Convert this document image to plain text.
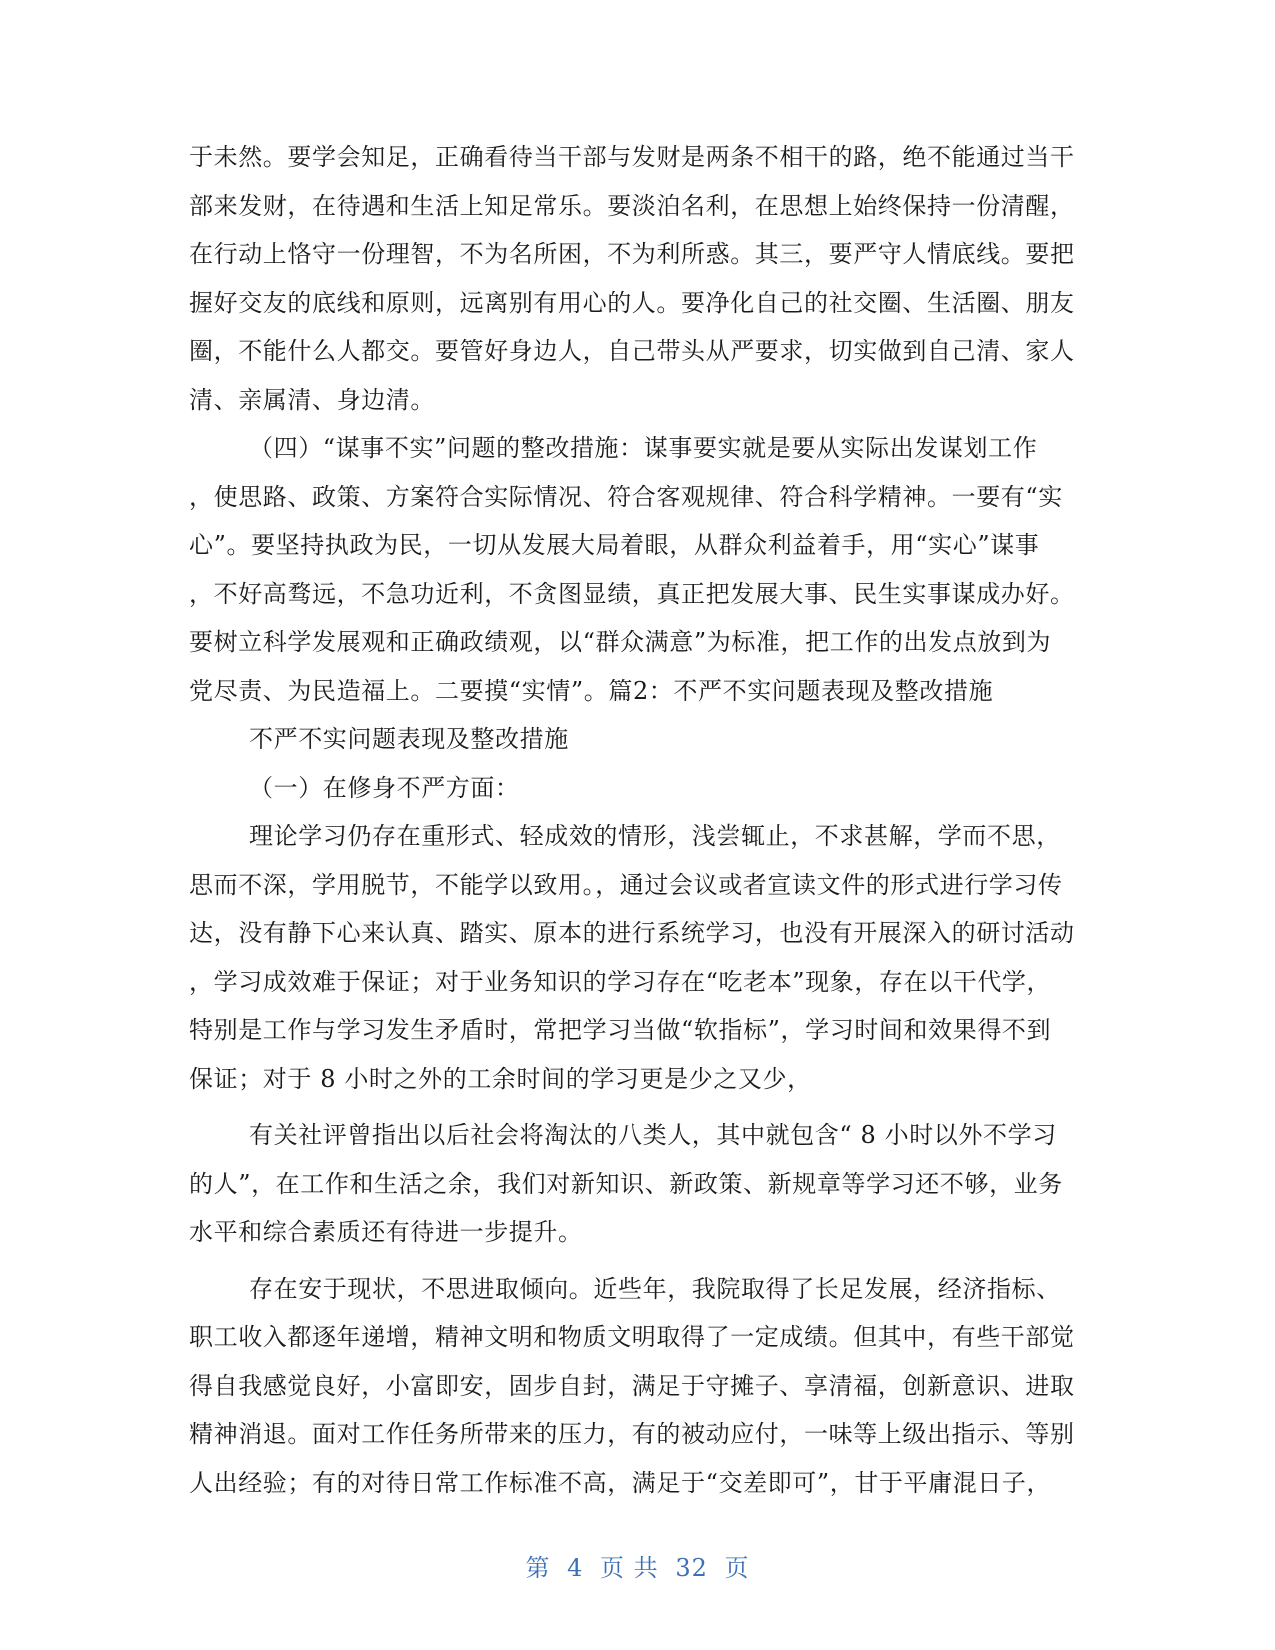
于未然。要学会知足，正确看待当干部与发财是两条不相干的路，绝不能通过当干
部来发财，在待遇和生活上知足常乐。要淡泊名利，在思想上始终保持一份清醒，
在行动上恪守一份理智，不为名所困，不为利所惑。其三，要严守人情底线。要把
握好交友的底线和原则，远离别有用心的人。要净化自己的社交圈、生活圈、朋友
圈，不能什么人都交。要管好身边人，自己带头从严要求，切实做到自己清、家人
清、亲属清、身边清。
（四）“谋事不实”问题的整改措施：谋事要实就是要从实际出发谋划工作
，使思路、政策、方案符合实际情况、符合客观规律、符合科学精神。一要有“实
心”。要坚持执政为民，一切从发展大局着眼，从群众利益着手，用“实心”谋事
，不好高骛远，不急功近利，不贪图显绩，真正把发展大事、民生实事谋成办好。
要树立科学发展观和正确政绩观，以“群众满意”为标准，把工作的出发点放到为
党尽责、为民造福上。二要摸“实情”。篇2：不严不实问题表现及整改措施
不严不实问题表现及整改措施
（一）在修身不严方面：
理论学习仍存在重形式、轻成效的情形，浅尝辄止，不求甚解，学而不思，
思而不深，学用脱节，不能学以致用。，通过会议或者宣读文件的形式进行学习传
达，没有静下心来认真、踏实、原本的进行系统学习，也没有开展深入的研讨活动
，学习成效难于保证；对于业务知识的学习存在“吃老本”现象，存在以干代学，
特别是工作与学习发生矛盾时，常把学习当做“软指标”，学习时间和效果得不到
保证；对于 8 小时之外的工余时间的学习更是少之又少，
有关社评曾指出以后社会将淘汰的八类人，其中就包含“ 8 小时以外不学习
的人”，在工作和生活之余，我们对新知识、新政策、新规章等学习还不够，业务
水平和综合素质还有待进一步提升。
存在安于现状，不思进取倾向。近些年，我院取得了长足发展，经济指标、
职工收入都逐年递增，精神文明和物质文明取得了一定成绩。但其中，有些干部觉
得自我感觉良好，小富即安，固步自封，满足于守摊子、享清福，创新意识、进取
精神消退。面对工作任务所带来的压力，有的被动应付，一味等上级出指示、等别
人出经验；有的对待日常工作标准不高，满足于“交差即可”，甘于平庸混日子，
第 4 页 共 32 页
